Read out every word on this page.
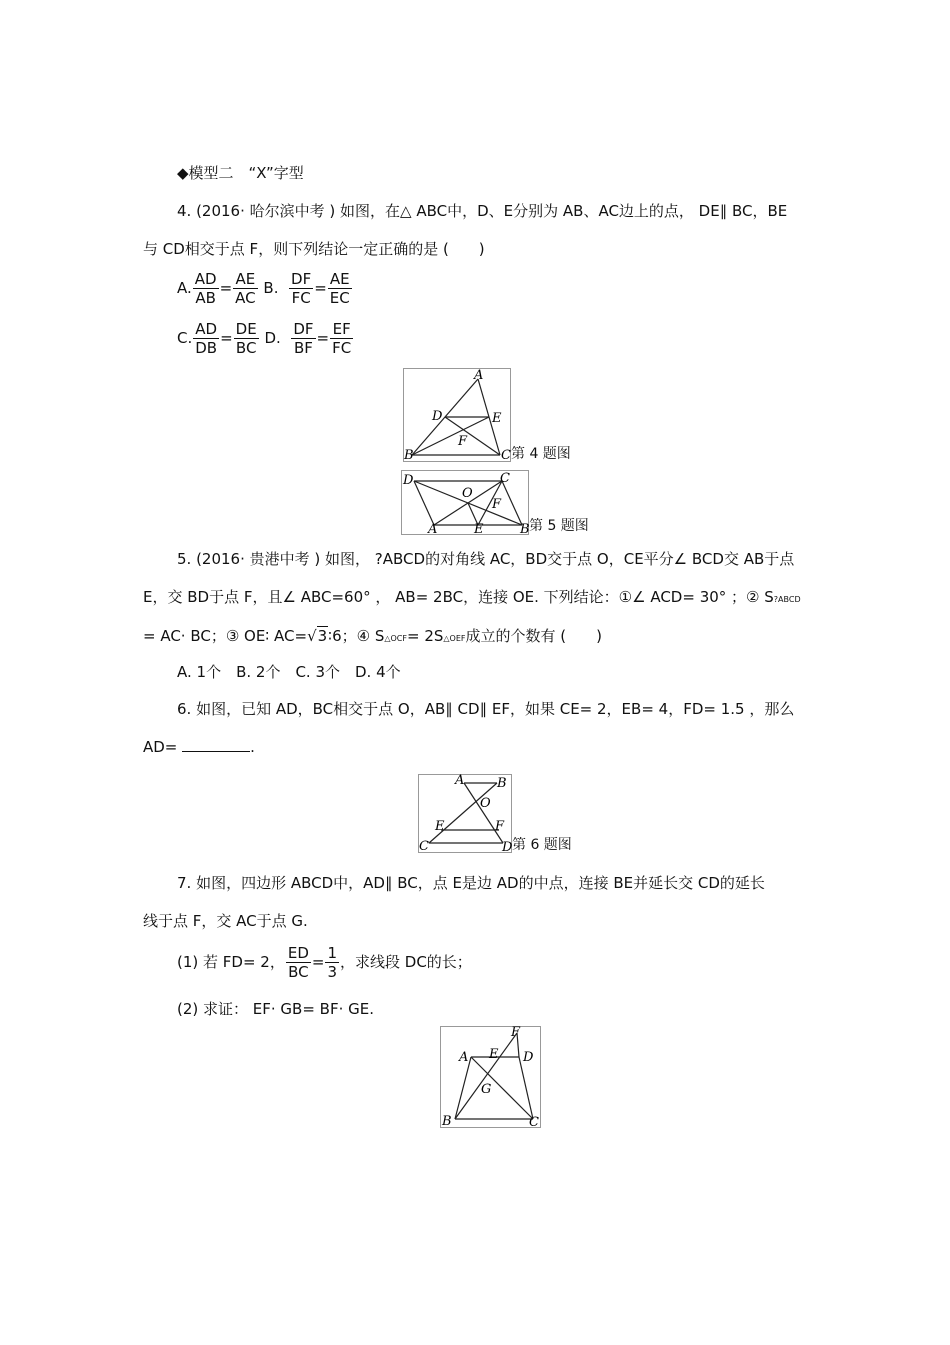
◆模型二　“X”字型
4. (2016· 哈尔滨中考 ) 如图，在△ ABC中，D、E分别为 AB、AC边上的点， DE∥ BC，BE
与 CD相交于点 F，则下列结论一定正确的是 (　　)
A. $\frac{AD}{AB} = \frac{AE}{AC} B$. $\frac{DF}{FC} = \frac{AE}{EC}$
C. $\frac{AD}{DB} = \frac{DE}{BC} D$. $\frac{DF}{BF} = \frac{EF}{FC}$
A
D	E
F
B	C 第 4 题图
D	C
O
F
A	E	B 第 5 题图
5. (2016· 贵港中考 ) 如图， ?ABCD的对角线 AC，BD交于点 O，CE平分∠ BCD交 AB于点
E，交 BD于点 F，且∠ ABC=60° ， AB= 2BC，连接 OE. 下列结论：①∠ ACD= 30° ；② S?ABCD
= AC· BC；③ OE∶ AC=√3∶6；④ S△OCF= 2S△OEF成立的个数有 (　　)
A. 1个　B. 2个　C. 3个　D. 4个
6. 如图，已知 AD，BC相交于点 O，AB∥ CD∥ EF，如果 CE= 2，EB= 4，FD= 1.5 ，那么
AD=	.
A	B
O
E	F
C	D 第 6 题图
7. 如图，四边形 ABCD中，AD∥ BC，点 E是边 AD的中点，连接 BE并延长交 CD的延长
线于点 F，交 AC于点 G.
(1) 若 FD= 2， $\frac{ED}{BC} = \frac{1}{3}$ ，求线段 DC的长；
(2) 求证： EF· GB= BF· GE.
F
A E D
G
B	C
